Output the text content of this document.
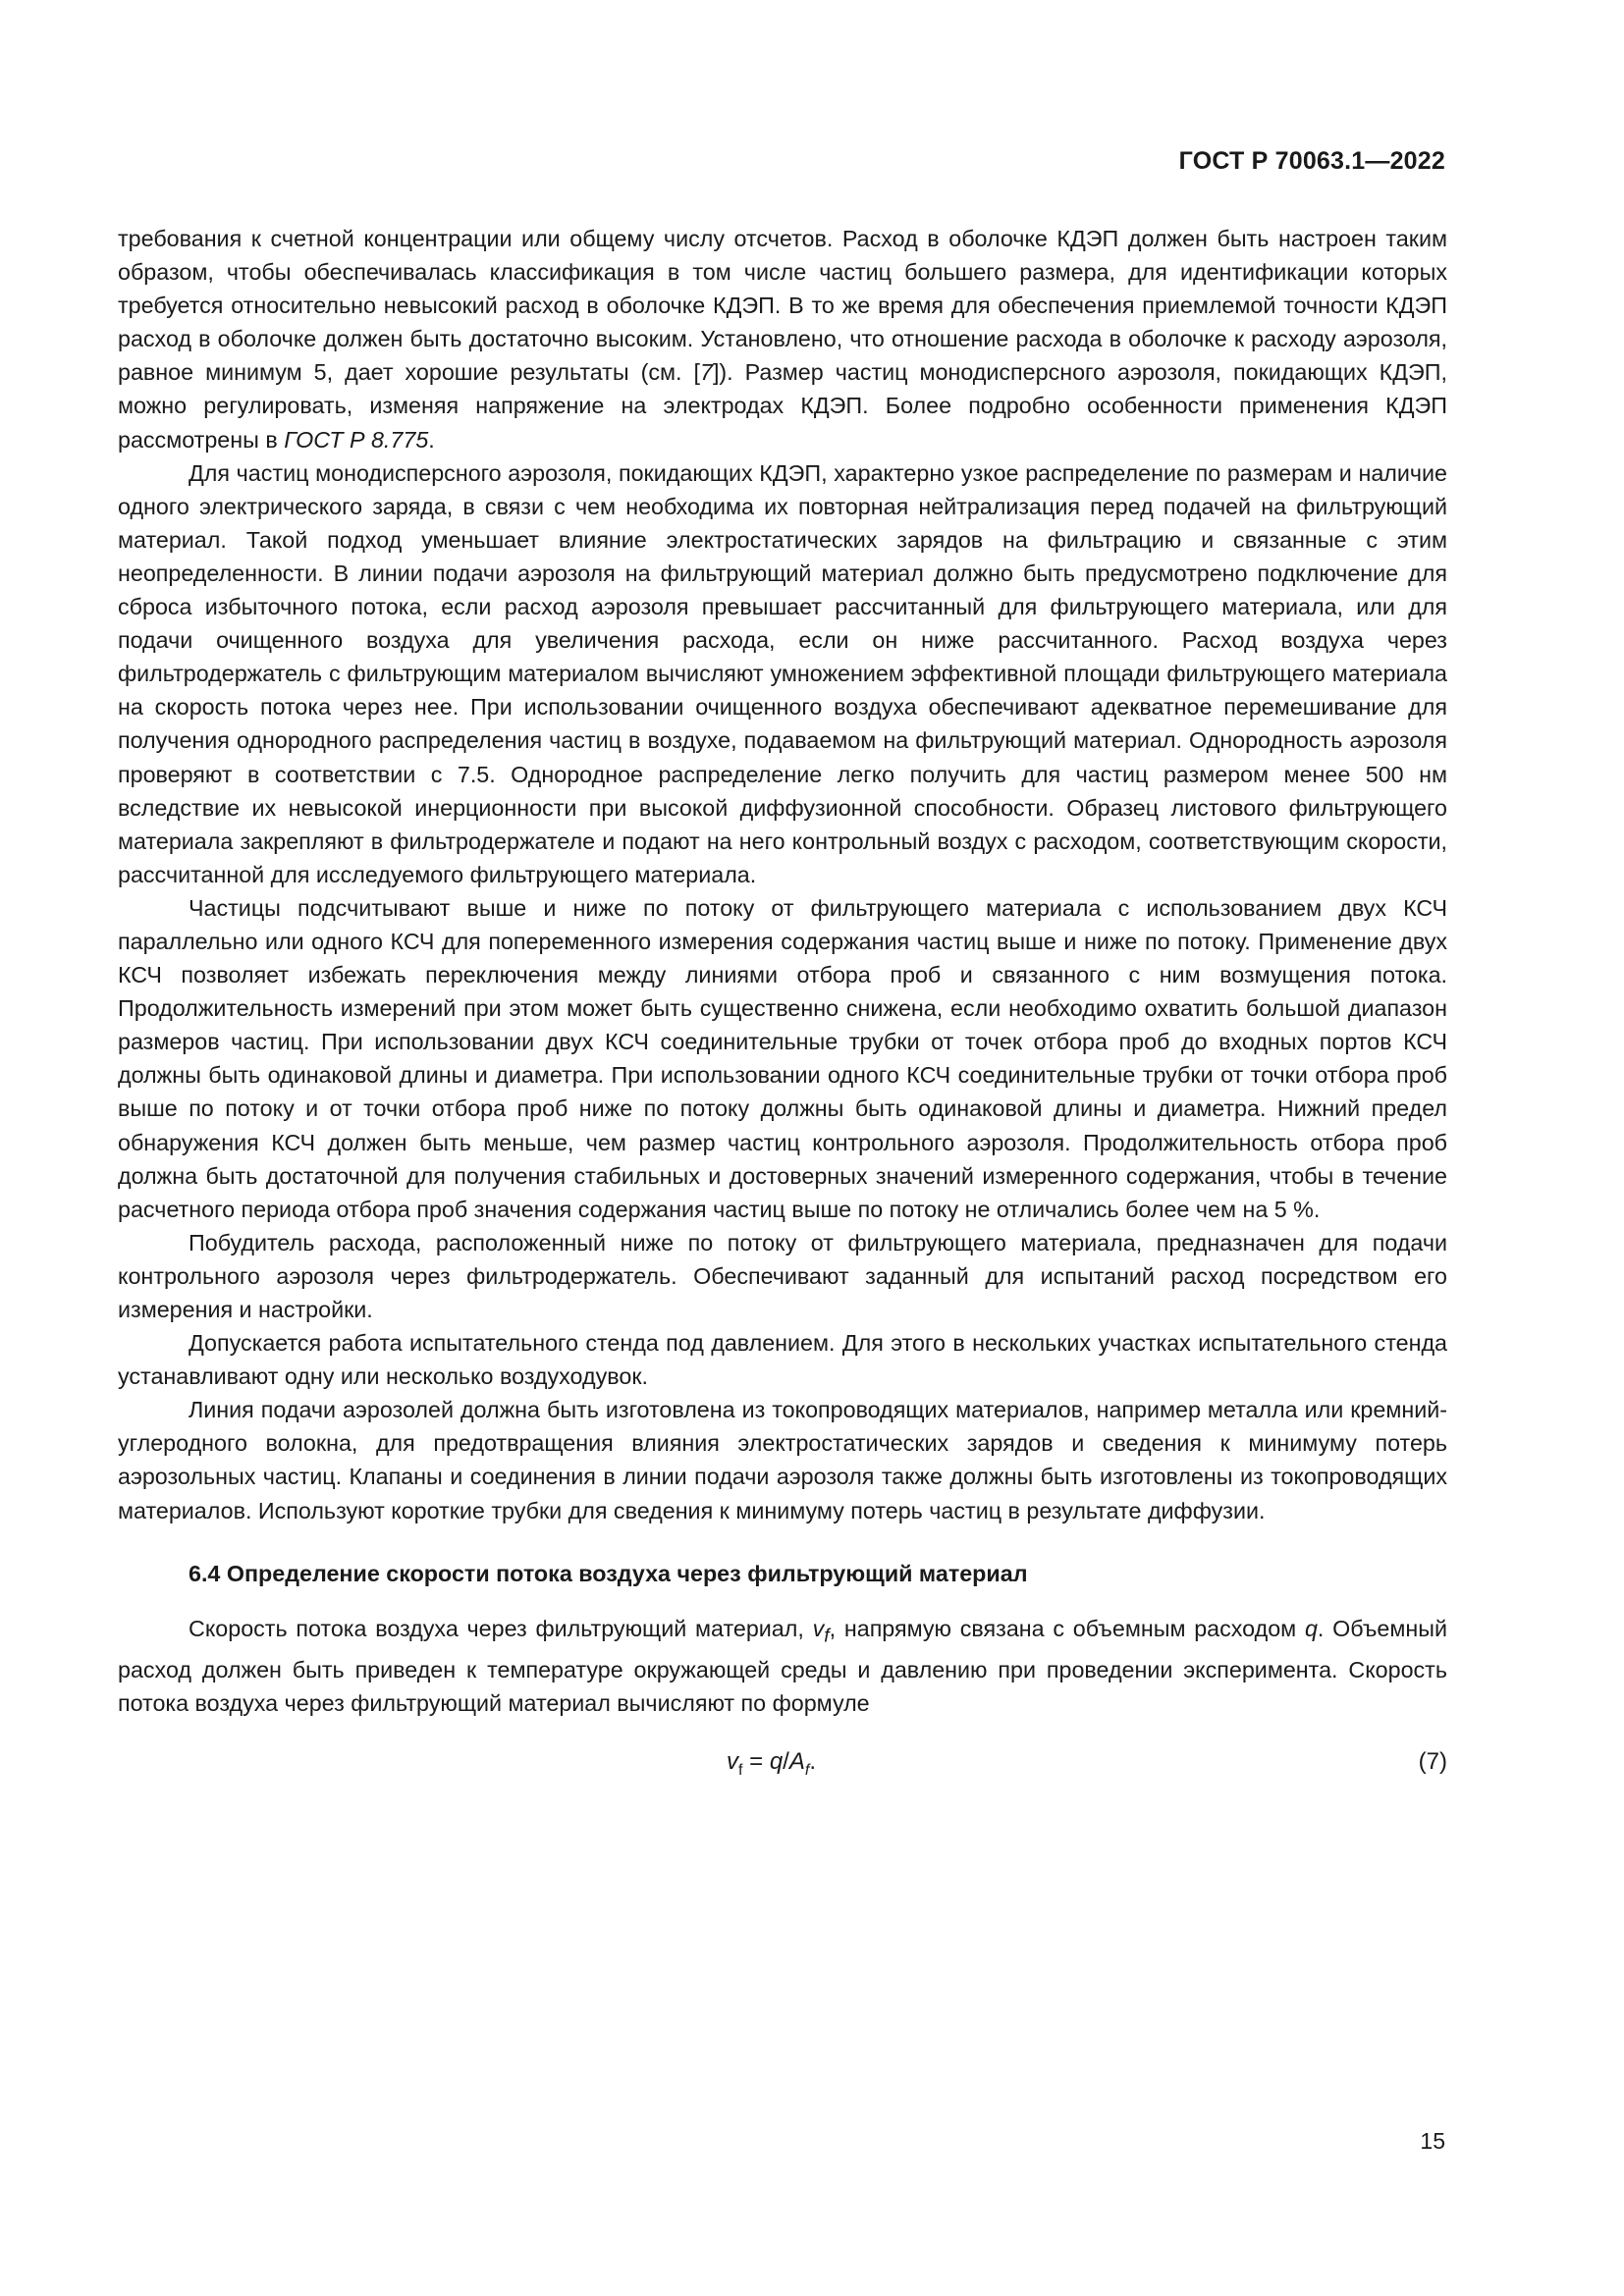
ГОСТ Р 70063.1—2022

требования к счетной концентрации или общему числу отсчетов. Расход в оболочке КДЭП должен быть настроен таким образом, чтобы обеспечивалась классификация в том числе частиц большего размера, для идентификации которых требуется относительно невысокий расход в оболочке КДЭП. В то же время для обеспечения приемлемой точности КДЭП расход в оболочке должен быть достаточно высоким. Установлено, что отношение расхода в оболочке к расходу аэрозоля, равное минимум 5, дает хорошие результаты (см. [7]). Размер частиц монодисперсного аэрозоля, покидающих КДЭП, можно регулировать, изменяя напряжение на электродах КДЭП. Более подробно особенности применения КДЭП рассмотрены в ГОСТ Р 8.775.

Для частиц монодисперсного аэрозоля, покидающих КДЭП, характерно узкое распределение по размерам и наличие одного электрического заряда, в связи с чем необходима их повторная нейтрализация перед подачей на фильтрующий материал. Такой подход уменьшает влияние электростатических зарядов на фильтрацию и связанные с этим неопределенности. В линии подачи аэрозоля на фильтрующий материал должно быть предусмотрено подключение для сброса избыточного потока, если расход аэрозоля превышает рассчитанный для фильтрующего материала, или для подачи очищенного воздуха для увеличения расхода, если он ниже рассчитанного. Расход воздуха через фильтродержатель с фильтрующим материалом вычисляют умножением эффективной площади фильтрующего материала на скорость потока через нее. При использовании очищенного воздуха обеспечивают адекватное перемешивание для получения однородного распределения частиц в воздухе, подаваемом на фильтрующий материал. Однородность аэрозоля проверяют в соответствии с 7.5. Однородное распределение легко получить для частиц размером менее 500 нм вследствие их невысокой инерционности при высокой диффузионной способности. Образец листового фильтрующего материала закрепляют в фильтродержателе и подают на него контрольный воздух с расходом, соответствующим скорости, рассчитанной для исследуемого фильтрующего материала.

Частицы подсчитывают выше и ниже по потоку от фильтрующего материала с использованием двух КСЧ параллельно или одного КСЧ для попеременного измерения содержания частиц выше и ниже по потоку. Применение двух КСЧ позволяет избежать переключения между линиями отбора проб и связанного с ним возмущения потока. Продолжительность измерений при этом может быть существенно снижена, если необходимо охватить большой диапазон размеров частиц. При использовании двух КСЧ соединительные трубки от точек отбора проб до входных портов КСЧ должны быть одинаковой длины и диаметра. При использовании одного КСЧ соединительные трубки от точки отбора проб выше по потоку и от точки отбора проб ниже по потоку должны быть одинаковой длины и диаметра. Нижний предел обнаружения КСЧ должен быть меньше, чем размер частиц контрольного аэрозоля. Продолжительность отбора проб должна быть достаточной для получения стабильных и достоверных значений измеренного содержания, чтобы в течение расчетного периода отбора проб значения содержания частиц выше по потоку не отличались более чем на 5 %.

Побудитель расхода, расположенный ниже по потоку от фильтрующего материала, предназначен для подачи контрольного аэрозоля через фильтродержатель. Обеспечивают заданный для испытаний расход посредством его измерения и настройки.

Допускается работа испытательного стенда под давлением. Для этого в нескольких участках испытательного стенда устанавливают одну или несколько воздуходувок.

Линия подачи аэрозолей должна быть изготовлена из токопроводящих материалов, например металла или кремний-углеродного волокна, для предотвращения влияния электростатических зарядов и сведения к минимуму потерь аэрозольных частиц. Клапаны и соединения в линии подачи аэрозоля также должны быть изготовлены из токопроводящих материалов. Используют короткие трубки для сведения к минимуму потерь частиц в результате диффузии.

6.4 Определение скорости потока воздуха через фильтрующий материал

Скорость потока воздуха через фильтрующий материал, $v_f$, напрямую связана с объемным расходом q. Объемный расход должен быть приведен к температуре окружающей среды и давлению при проведении эксперимента. Скорость потока воздуха через фильтрующий материал вычисляют по формуле

$v_f = q/A_f$.	(7)
15
